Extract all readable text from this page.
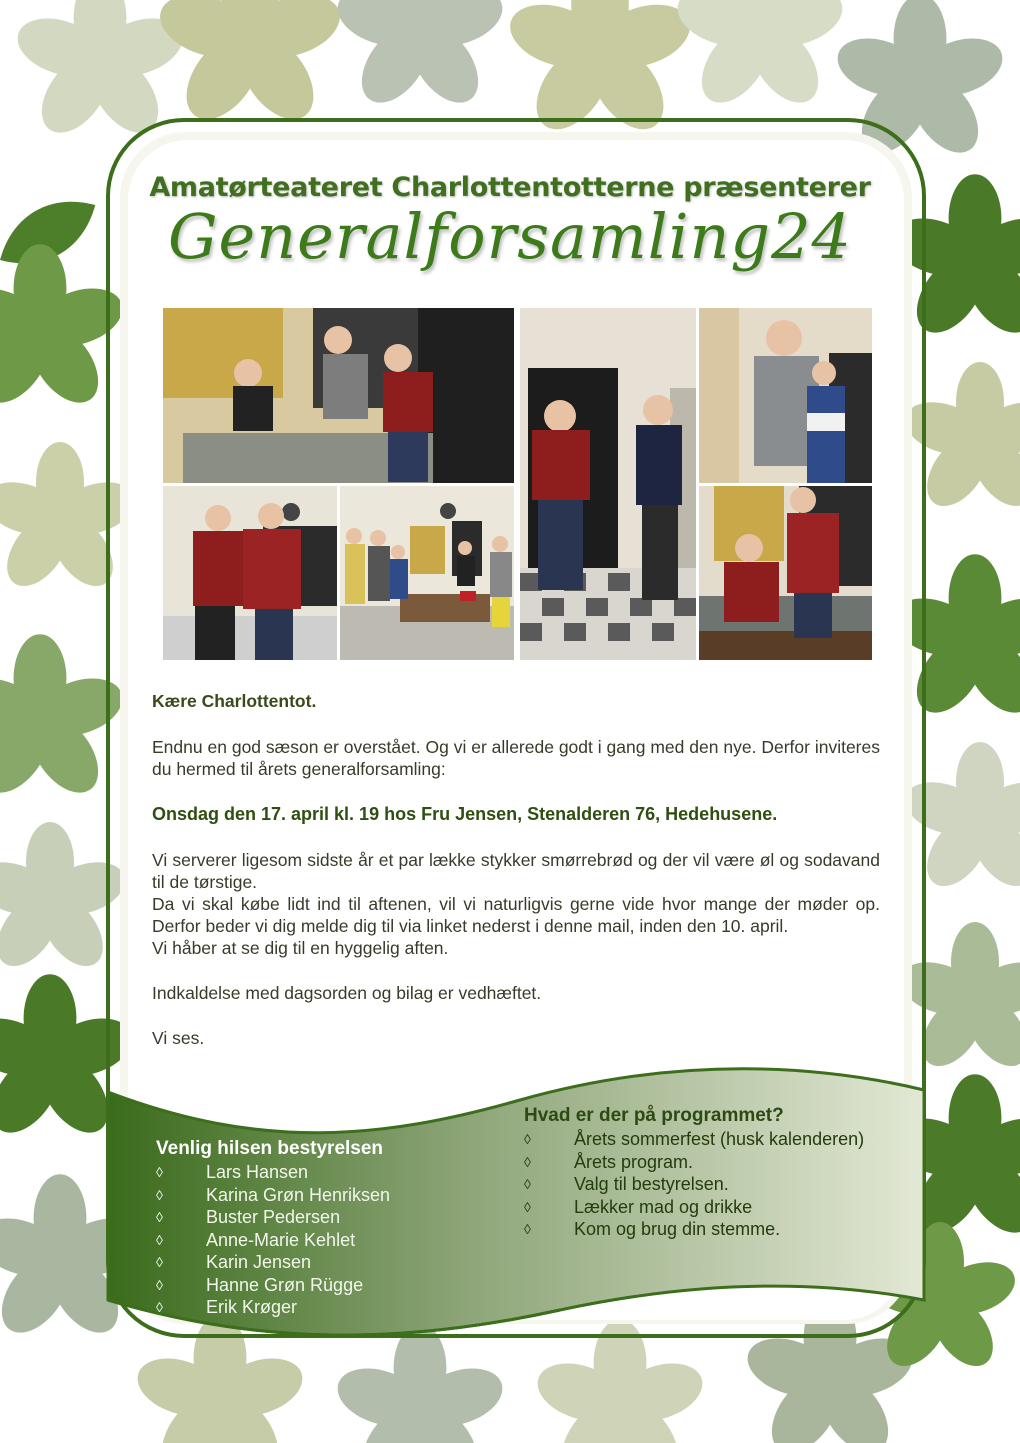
Amatørteateret Charlottentotterne præsenterer
Generalforsamling24

Kære Charlottentot.

Endnu en god sæson er overstået. Og vi er allerede godt i gang med den nye. Derfor inviteres du hermed til årets generalforsamling:

Onsdag den 17. april kl. 19 hos Fru Jensen, Stenalderen 76, Hedehusene.

Vi serverer ligesom sidste år et par lække stykker smørrebrød og der vil være øl og sodavand til de tørstige.

Da vi skal købe lidt ind til aftenen, vil vi naturligvis gerne vide hvor mange der møder op. Derfor beder vi dig melde dig til via linket nederst i denne mail, inden den 10. april.

Vi håber at se dig til en hyggelig aften.

Indkaldelse med dagsorden og bilag er vedhæftet.

Vi ses.

Venlig hilsen bestyrelsen
◊	Lars Hansen
◊	Karina Grøn Henriksen
◊	Buster Pedersen
◊	Anne-Marie Kehlet
◊	Karin Jensen
◊	Hanne Grøn Rügge
◊	Erik Krøger
Hvad er der på programmet?
◊	Årets sommerfest (husk kalenderen)
◊	Årets program.
◊	Valg til bestyrelsen.
◊	Lækker mad og drikke
◊	Kom og brug din stemme.
